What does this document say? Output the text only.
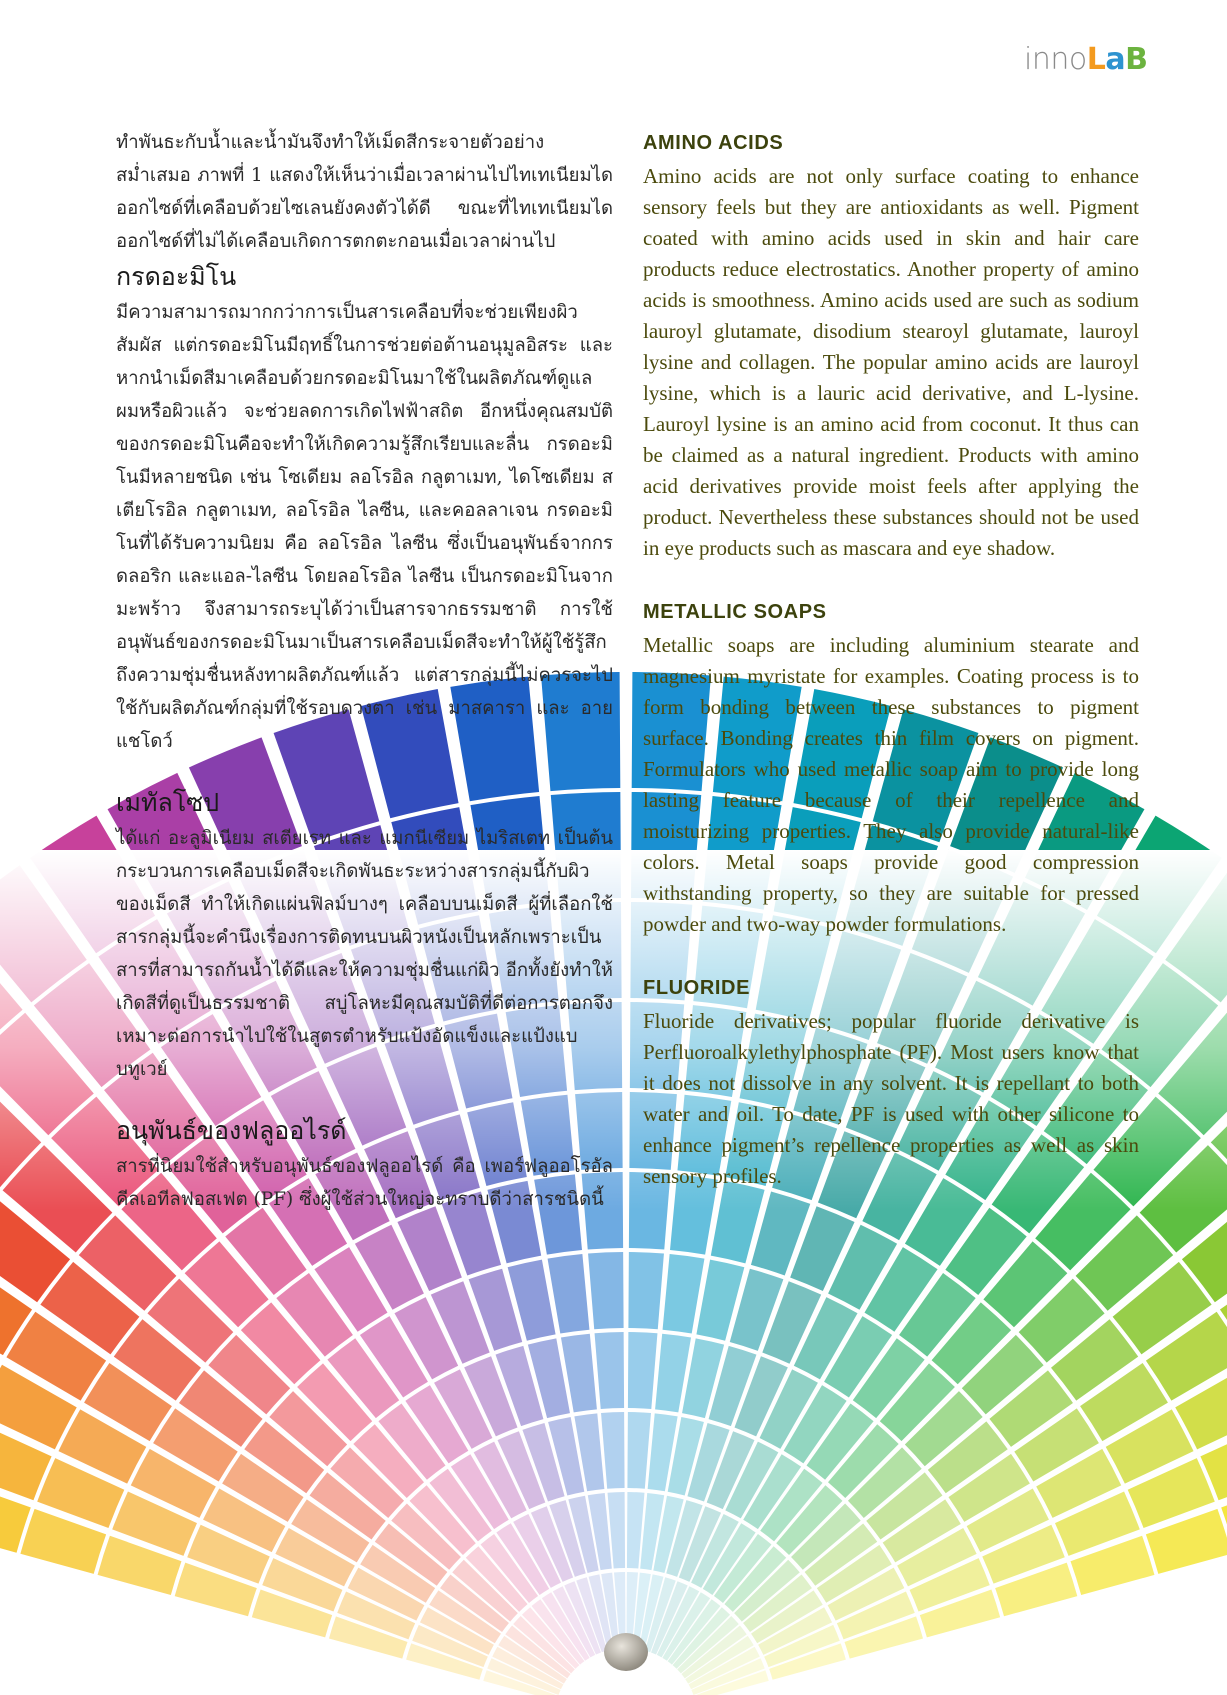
innoLaB

ทำพันธะกับน้ำและน้ำมันจึงทำให้เม็ดสีกระจายตัวอย่างสม่ำเสมอ ภาพที่ 1 แสดงให้เห็นว่าเมื่อเวลาผ่านไปไทเทเนียมไดออกไซด์ที่เคลือบด้วยไซเลนยังคงตัวได้ดี ขณะที่ไทเทเนียมไดออกไซด์ที่ไม่ได้เคลือบเกิดการตกตะกอนเมื่อเวลาผ่านไป

กรดอะมิโน

มีความสามารถมากกว่าการเป็นสารเคลือบที่จะช่วยเพียงผิวสัมผัส แต่กรดอะมิโนมีฤทธิ์ในการช่วยต่อต้านอนุมูลอิสระ และหากนำเม็ดสีมาเคลือบด้วยกรดอะมิโนมาใช้ในผลิตภัณฑ์ดูแลผมหรือผิวแล้ว จะช่วยลดการเกิดไฟฟ้าสถิต อีกหนึ่งคุณสมบัติของกรดอะมิโนคือจะทำให้เกิดความรู้สึกเรียบและลื่น กรดอะมิโนมีหลายชนิด เช่น โซเดียม ลอโรอิล กลูตาเมท, ไดโซเดียม สเตียโรอิล กลูตาเมท, ลอโรอิล ไลซีน, และคอลลาเจน กรดอะมิโนที่ได้รับความนิยม คือ ลอโรอิล ไลซีน ซึ่งเป็นอนุพันธ์จากกรดลอริก และแอล-ไลซีน โดยลอโรอิล ไลซีน เป็นกรดอะมิโนจากมะพร้าว จึงสามารถระบุได้ว่าเป็นสารจากธรรมชาติ การใช้อนุพันธ์ของกรดอะมิโนมาเป็นสารเคลือบเม็ดสีจะทำให้ผู้ใช้รู้สึกถึงความชุ่มชื่นหลังทาผลิตภัณฑ์แล้ว แต่สารกลุ่มนี้ไม่ควรจะไปใช้กับผลิตภัณฑ์กลุ่มที่ใช้รอบดวงตา เช่น มาสคารา และ อายแชโดว์

เมทัลโซป

ได้แก่ อะลูมิเนียม สเตียเรท และ แมกนีเซียม ไมริสเตท เป็นต้น กระบวนการเคลือบเม็ดสีจะเกิดพันธะระหว่างสารกลุ่มนี้กับผิวของเม็ดสี ทำให้เกิดแผ่นฟิลม์บางๆ เคลือบบนเม็ดสี ผู้ที่เลือกใช้สารกลุ่มนี้จะคำนึงเรื่องการติดทนบนผิวหนังเป็นหลักเพราะเป็นสารที่สามารถกันน้ำได้ดีและให้ความชุ่มชื่นแก่ผิว อีกทั้งยังทำให้เกิดสีที่ดูเป็นธรรมชาติ สบู่โลหะมีคุณสมบัติที่ดีต่อการตอกจึงเหมาะต่อการนำไปใช้ในสูตรตำหรับแป้งอัดแข็งและแป้งแบบทูเวย์

อนุพันธ์ของฟลูออไรด์

สารที่นิยมใช้สำหรับอนุพันธ์ของฟลูออไรด์ คือ เพอร์ฟลูออโรอัลคีลเอทีลฟอสเฟต (PF) ซึ่งผู้ใช้ส่วนใหญ่จะทราบดีว่าสารชนิดนี้

AMINO ACIDS

Amino acids are not only surface coating to enhance sensory feels but they are antioxidants as well. Pigment coated with amino acids used in skin and hair care products reduce electrostatics. Another property of amino acids is smoothness. Amino acids used are such as sodium lauroyl glutamate, disodium stearoyl glutamate, lauroyl lysine and collagen. The popular amino acids are lauroyl lysine, which is a lauric acid derivative, and L-lysine. Lauroyl lysine is an amino acid from coconut. It thus can be claimed as a natural ingredient. Products with amino acid derivatives provide moist feels after applying the product. Nevertheless these substances should not be used in eye products such as mascara and eye shadow.

METALLIC SOAPS

Metallic soaps are including aluminium stearate and magnesium myristate for examples. Coating process is to form bonding between these substances to pigment surface. Bonding creates thin film covers on pigment. Formulators who used metallic soap aim to provide long lasting feature because of their repellence and moisturizing properties. They also provide natural-like colors. Metal soaps provide good compression withstanding property, so they are suitable for pressed powder and two-way powder formulations.

FLUORIDE

Fluoride derivatives; popular fluoride derivative is Perfluoroalkylethylphosphate (PF). Most users know that it does not dissolve in any solvent. It is repellant to both water and oil. To date, PF is used with other silicone to enhance pigment’s repellence properties as well as skin sensory profiles.
